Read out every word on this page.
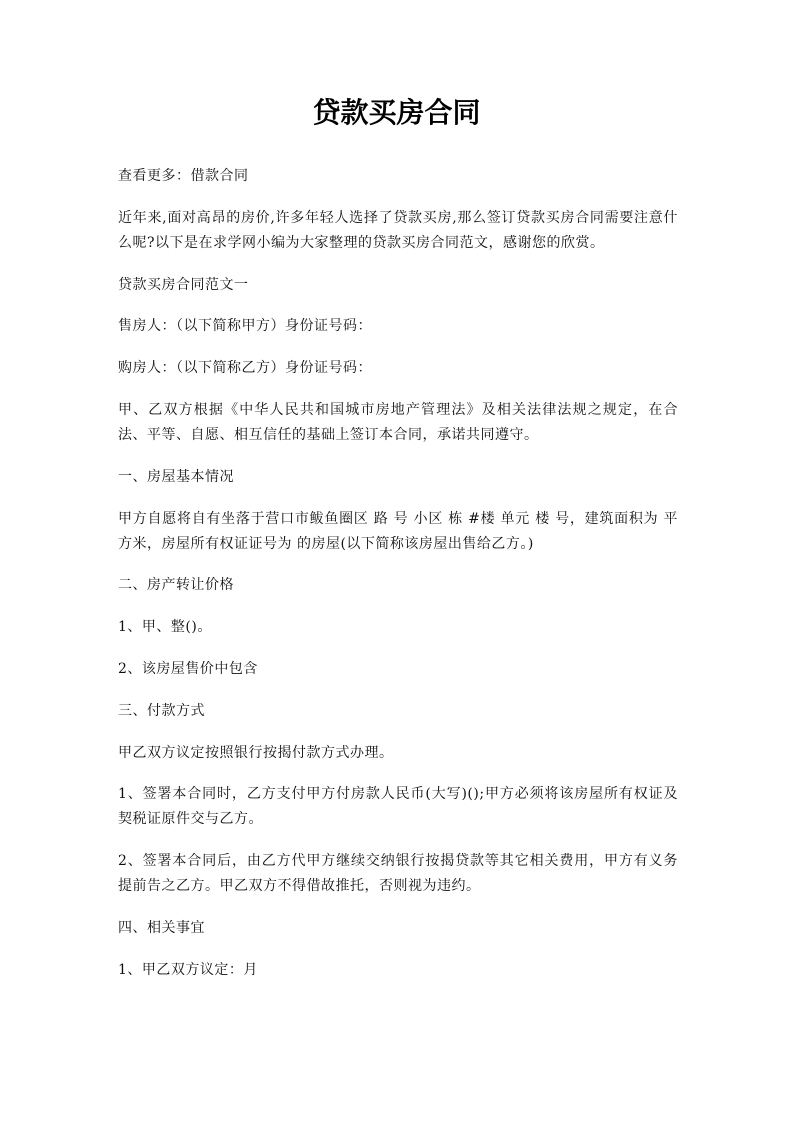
贷款买房合同

查看更多：借款合同

近年来,面对高昂的房价,许多年轻人选择了贷款买房,那么签订贷款买房合同需要注意什么呢?以下是在求学网小编为大家整理的贷款买房合同范文，感谢您的欣赏。

贷款买房合同范文一

售房人：（以下简称甲方）身份证号码：

购房人：（以下简称乙方）身份证号码：

甲、乙双方根据《中华人民共和国城市房地产管理法》及相关法律法规之规定，在合法、平等、自愿、相互信任的基础上签订本合同，承诺共同遵守。

一、房屋基本情况

甲方自愿将自有坐落于营口市鲅鱼圈区 路 号 小区 栋 #楼 单元 楼 号，建筑面积为 平方米，房屋所有权证证号为 的房屋(以下简称该房屋出售给乙方。)

二、房产转让价格

1、甲、整()。

2、该房屋售价中包含

三、付款方式

甲乙双方议定按照银行按揭付款方式办理。

1、签署本合同时，乙方支付甲方付房款人民币(大写)();甲方必须将该房屋所有权证及契税证原件交与乙方。

2、签署本合同后，由乙方代甲方继续交纳银行按揭贷款等其它相关费用，甲方有义务提前告之乙方。甲乙双方不得借故推托，否则视为违约。

四、相关事宜

1、甲乙双方议定：月
